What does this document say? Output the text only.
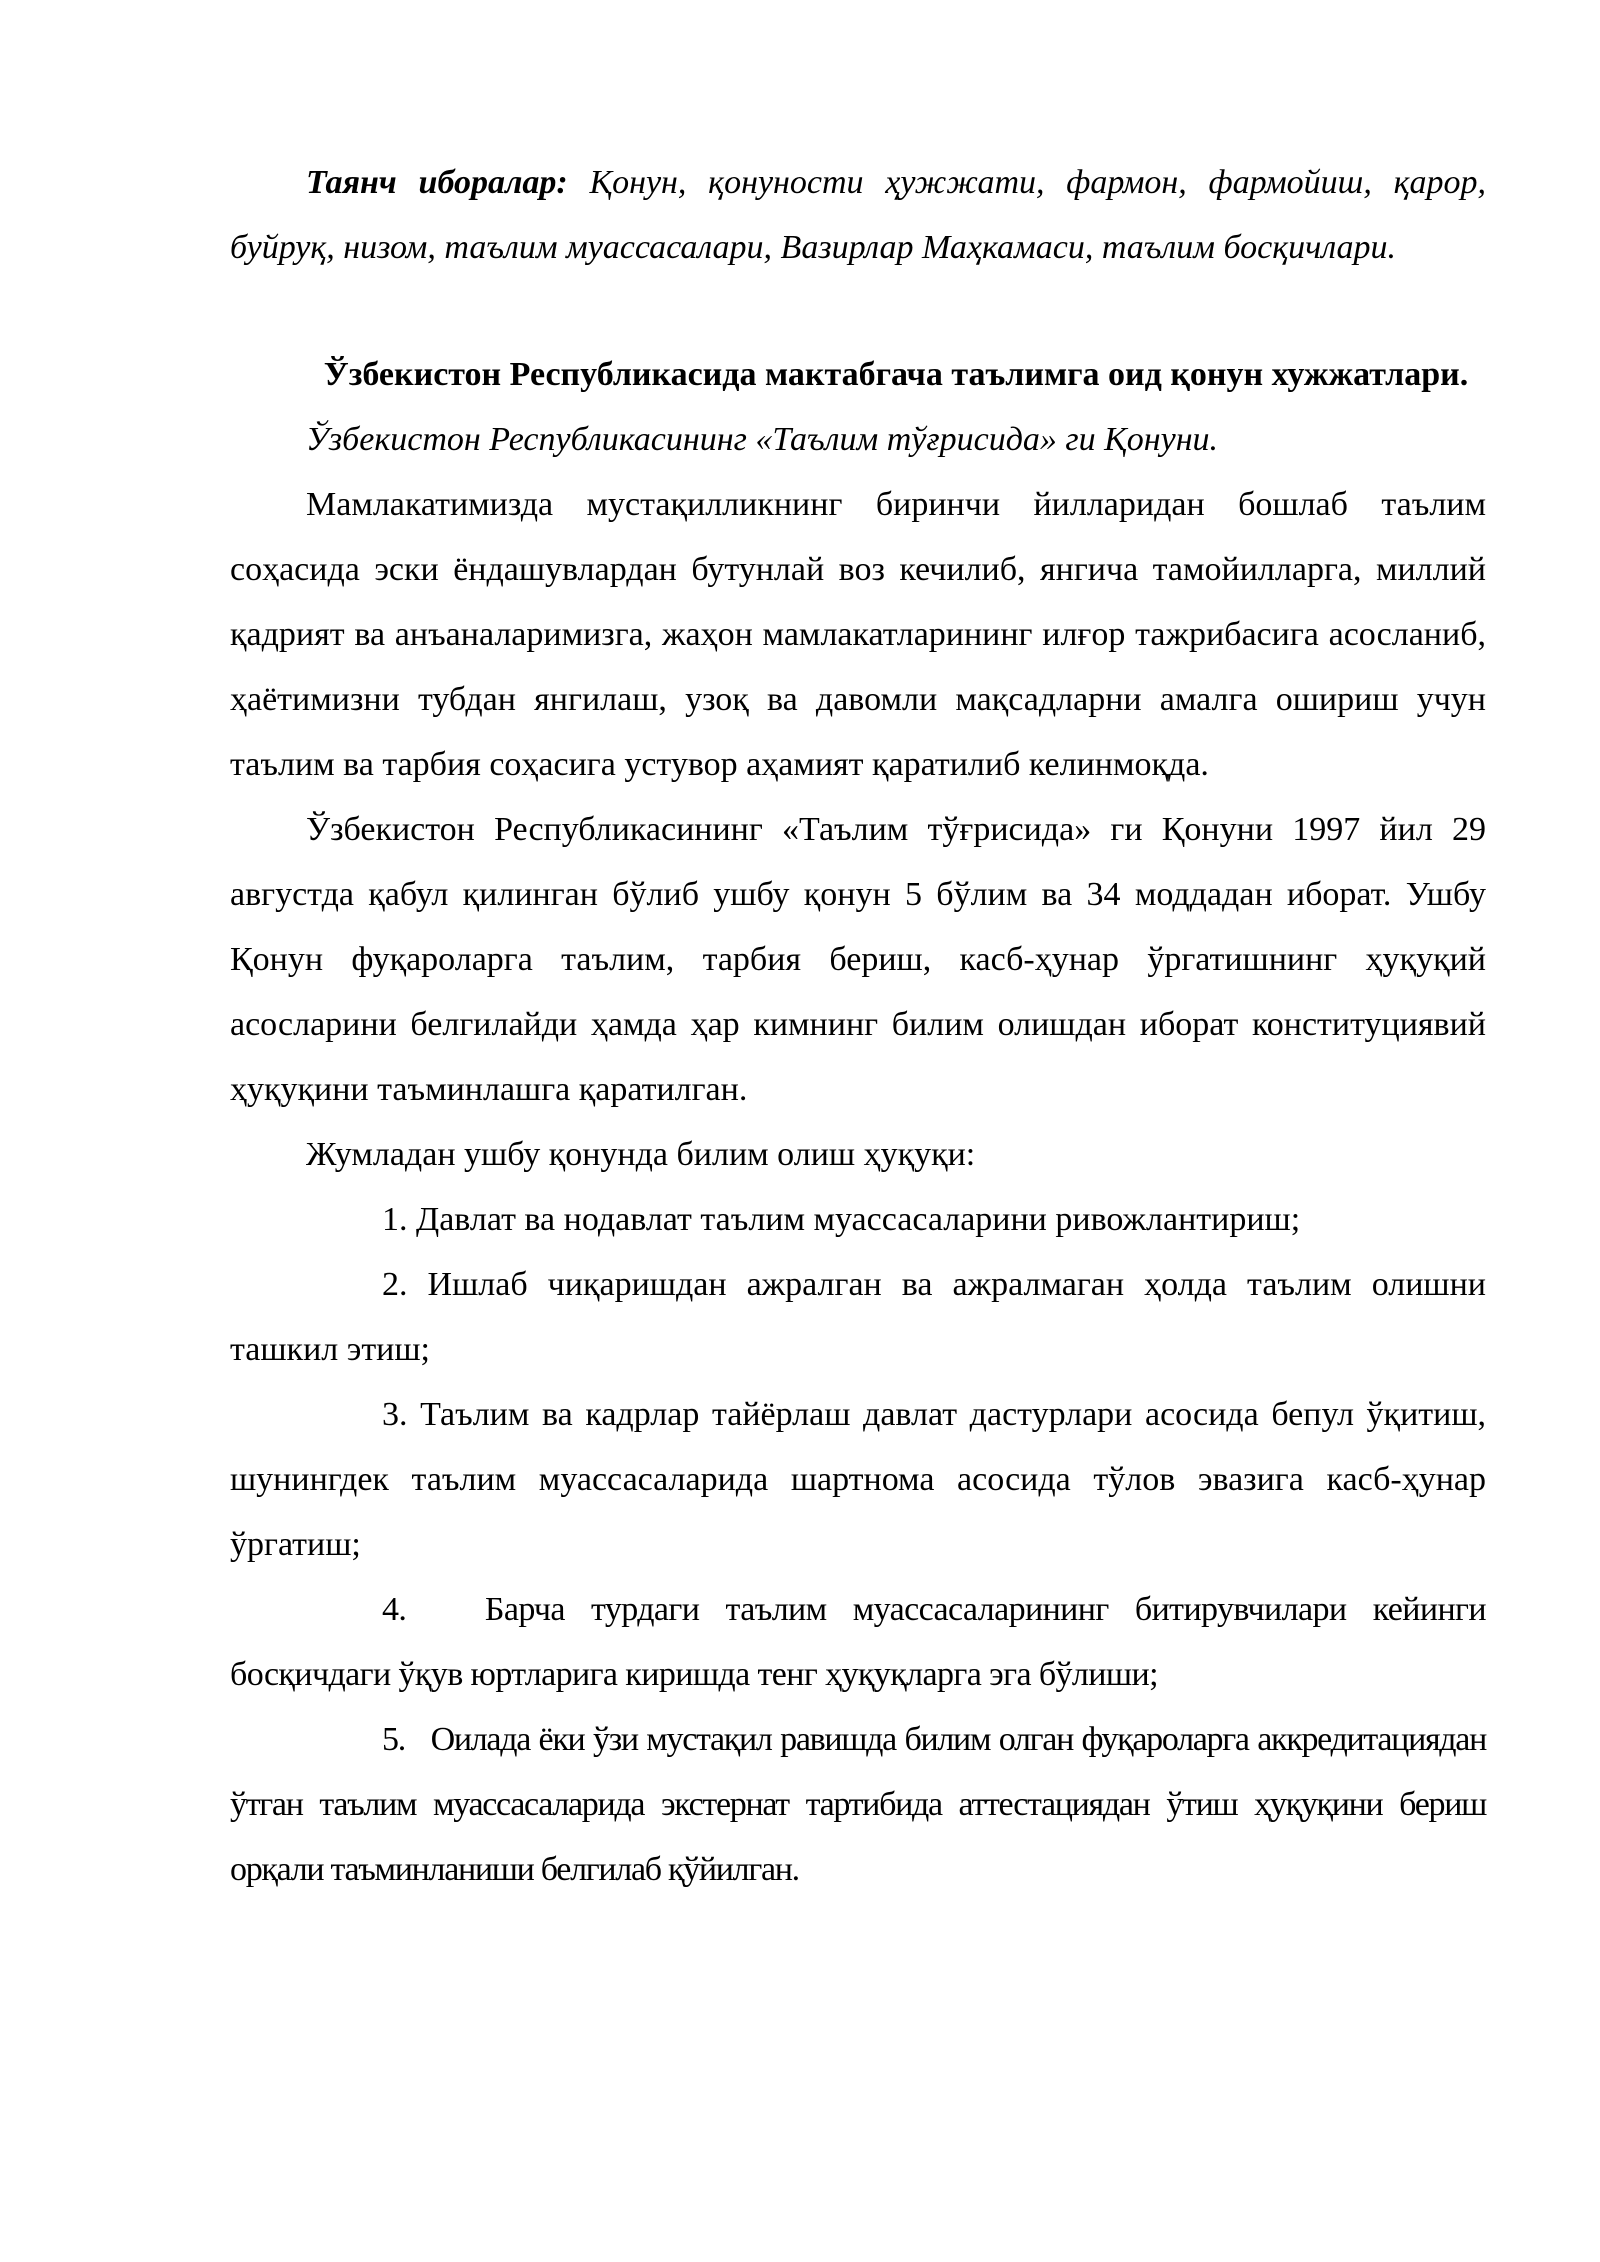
Таянч иборалар: Қонун, қонуности ҳужжати, фармон, фармойиш, қарор, буйруқ, низом, таълим муассасалари, Вазирлар Маҳкамаси, таълим босқичлари.

Ўзбекистон Республикасида мактабгача таълимга оид қонун хужжатлари.

Ўзбекистон Республикасининг «Таълим тўғрисида» ги Қонуни.

Мамлакатимизда мустақилликнинг биринчи йилларидан бошлаб таълим соҳасида эски ёндашувлардан бутунлай воз кечилиб, янгича тамойилларга, миллий қадрият ва анъаналаримизга, жаҳон мамлакатларининг илғор тажрибасига асосланиб, ҳаётимизни тубдан янгилаш, узоқ ва давомли мақсадларни амалга ошириш учун таълим ва тарбия соҳасига устувор аҳамият қаратилиб келинмоқда.

Ўзбекистон Республикасининг «Таълим тўғрисида» ги Қонуни 1997 йил 29 августда қабул қилинган бўлиб ушбу қонун 5 бўлим ва 34 моддадан иборат. Ушбу Қонун фуқароларга таълим, тарбия бериш, касб-ҳунар ўргатишнинг ҳуқуқий асосларини белгилайди ҳамда ҳар кимнинг билим олишдан иборат конституциявий ҳуқуқини таъминлашга қаратилган.

Жумладан ушбу қонунда билим олиш ҳуқуқи:

1. Давлат ва нодавлат таълим муассасаларини ривожлантириш;

2. Ишлаб чиқаришдан ажралган ва ажралмаган ҳолда таълим олишни ташкил этиш;

3. Таълим ва кадрлар тайёрлаш давлат дастурлари асосида бепул ўқитиш, шунингдек таълим муассасаларида шартнома асосида тўлов эвазига касб-ҳунар ўргатиш;

4. Барча турдаги таълим муассасаларининг битирувчилари кейинги босқичдаги ўқув юртларига киришда тенг ҳуқуқларга эга бўлиши;

5. Оилада ёки ўзи мустақил равишда билим олган фуқароларга аккредитациядан ўтган таълим муассасаларида экстернат тартибида аттестациядан ўтиш ҳуқуқини бериш орқали таъминланиши белгилаб қўйилган.
